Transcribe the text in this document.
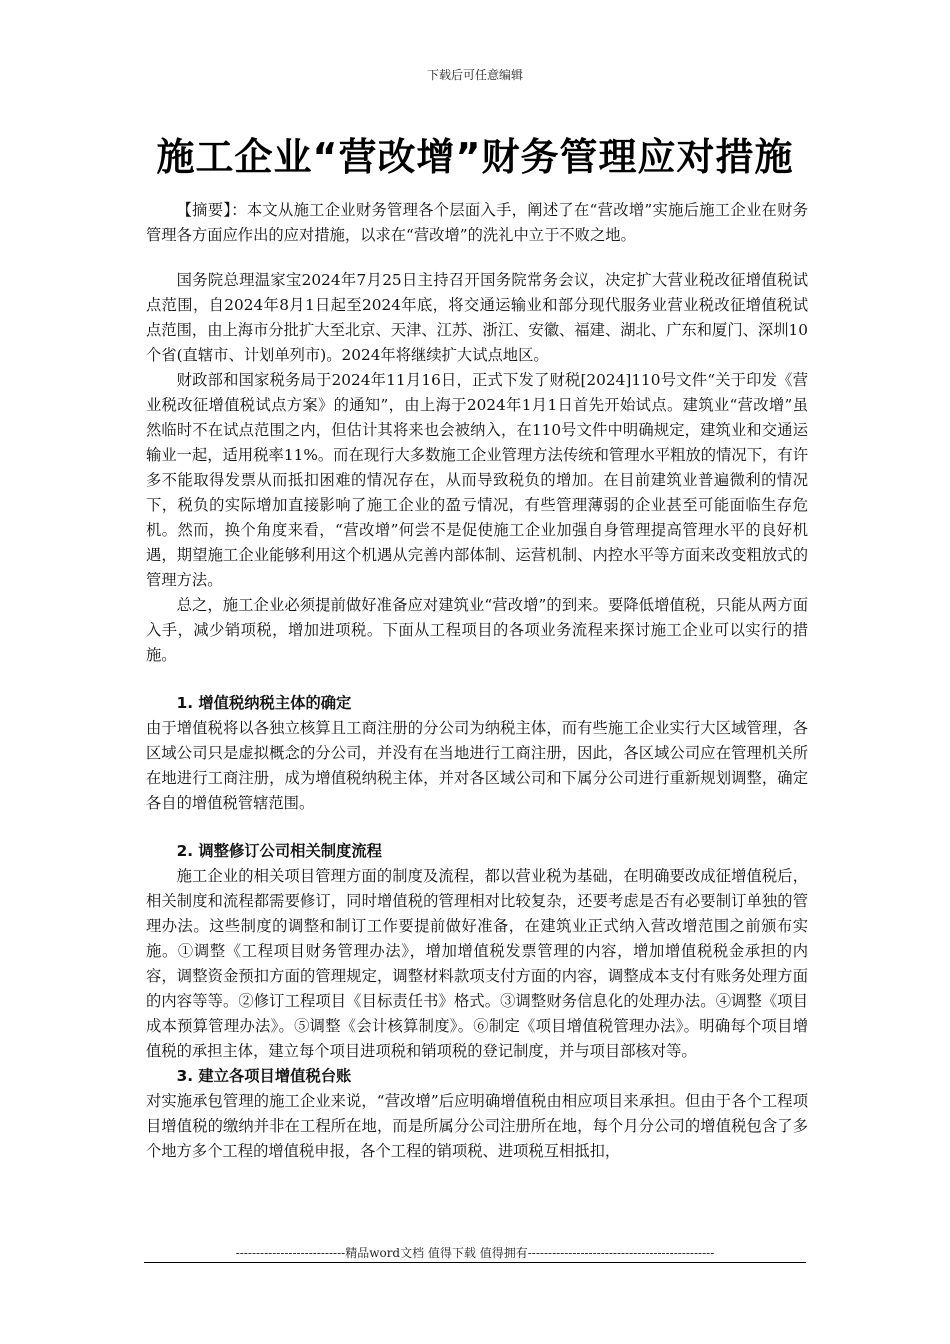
下载后可任意编辑
施工企业“营改增”财务管理应对措施

【摘要】：本文从施工企业财务管理各个层面入手，阐述了在“营改增”实施后施工企业在财务管理各方面应作出的应对措施，以求在“营改增”的洗礼中立于不败之地。

国务院总理温家宝2024年7月25日主持召开国务院常务会议，决定扩大营业税改征增值税试点范围，自2024年8月1日起至2024年底，将交通运输业和部分现代服务业营业税改征增值税试点范围，由上海市分批扩大至北京、天津、江苏、浙江、安徽、福建、湖北、广东和厦门、深圳10个省(直辖市、计划单列市)。2024年将继续扩大试点地区。

财政部和国家税务局于2024年11月16日，正式下发了财税[2024]110号文件“关于印发《营业税改征增值税试点方案》的通知”，由上海于2024年1月1日首先开始试点。建筑业“营改增”虽然临时不在试点范围之内，但估计其将来也会被纳入，在110号文件中明确规定，建筑业和交通运输业一起，适用税率11%。而在现行大多数施工企业管理方法传统和管理水平粗放的情况下，有许多不能取得发票从而抵扣困难的情况存在，从而导致税负的增加。在目前建筑业普遍微利的情况下，税负的实际增加直接影响了施工企业的盈亏情况，有些管理薄弱的企业甚至可能面临生存危机。然而，换个角度来看，“营改增”何尝不是促使施工企业加强自身管理提高管理水平的良好机遇，期望施工企业能够利用这个机遇从完善内部体制、运营机制、内控水平等方面来改变粗放式的管理方法。

总之，施工企业必须提前做好准备应对建筑业“营改增”的到来。要降低增值税，只能从两方面入手，减少销项税，增加进项税。下面从工程项目的各项业务流程来探讨施工企业可以实行的措施。

1. 增值税纳税主体的确定

由于增值税将以各独立核算且工商注册的分公司为纳税主体，而有些施工企业实行大区域管理，各区域公司只是虚拟概念的分公司，并没有在当地进行工商注册，因此，各区域公司应在管理机关所在地进行工商注册，成为增值税纳税主体，并对各区域公司和下属分公司进行重新规划调整，确定各自的增值税管辖范围。

2. 调整修订公司相关制度流程

施工企业的相关项目管理方面的制度及流程，都以营业税为基础，在明确要改成征增值税后，相关制度和流程都需要修订，同时增值税的管理相对比较复杂，还要考虑是否有必要制订单独的管理办法。这些制度的调整和制订工作要提前做好准备，在建筑业正式纳入营改增范围之前颁布实施。①调整《工程项目财务管理办法》，增加增值税发票管理的内容，增加增值税税金承担的内容，调整资金预扣方面的管理规定，调整材料款项支付方面的内容，调整成本支付有账务处理方面的内容等等。②修订工程项目《目标责任书》格式。③调整财务信息化的处理办法。④调整《项目成本预算管理办法》。⑤调整《会计核算制度》。⑥制定《项目增值税管理办法》。明确每个项目增值税的承担主体，建立每个项目进项税和销项税的登记制度，并与项目部核对等。

3. 建立各项目增值税台账

对实施承包管理的施工企业来说，“营改增”后应明确增值税由相应项目来承担。但由于各个工程项目增值税的缴纳并非在工程所在地，而是所属分公司注册所在地，每个月分公司的增值税包含了多个地方多个工程的增值税申报，各个工程的销项税、进项税互相抵扣，

---------------------------精品word文档 值得下载 值得拥有----------------------------------------------
